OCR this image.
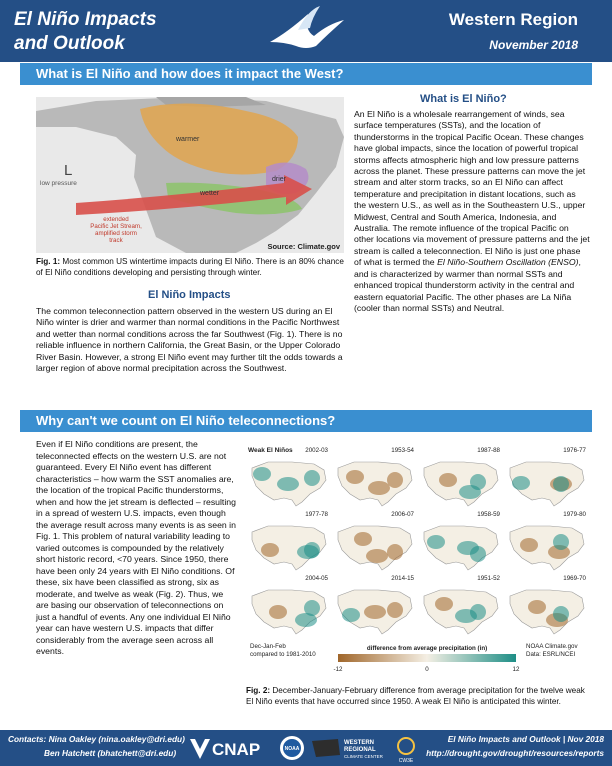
El Niño Impacts
and Outlook
Western Region
November 2018
What is El Niño and how does it impact the West?
L
low pressure
warmer
drier
wetter
extended
Pacific Jet Stream,
amplified storm
track
Source: Climate.gov
Fig. 1: Most common US wintertime impacts during El Niño. There is an 80% chance of El Niño conditions developing and persisting through winter.
El Niño Impacts
The common teleconnection pattern observed in the western US during an El Niño winter is drier and warmer than normal conditions in the Pacific Northwest and wetter than normal conditions across the far Southwest (Fig. 1). There is no reliable influence in northern California, the Great Basin, or the Upper Colorado River Basin. However, a strong El Niño event may further tilt the odds towards a larger region of above normal precipitation across the Southwest.
What is El Niño?
An El Niño is a wholesale rearrangement of winds, sea surface temperatures (SSTs), and the location of thunderstorms in the tropical Pacific Ocean. These changes have global impacts, since the location of powerful tropical storms affects atmospheric high and low pressure patterns across the planet. These pressure patterns can move the jet stream and alter storm tracks, so an El Niño can affect temperature and precipitation in distant locations, such as the western U.S., as well as in the Southeastern U.S., upper Midwest, Central and South America, Indonesia, and Australia. The remote influence of the tropical Pacific on other locations via movement of pressure patterns and the jet stream is called a teleconnection. El Niño is just one phase of what is termed the El Niño-Southern Oscillation (ENSO), and is characterized by warmer than normal SSTs and enhanced tropical thunderstorm activity in the central and eastern equatorial Pacific. The other phases are La Niña (cooler than normal SSTs) and Neutral.
Why can't we count on El Niño teleconnections?
Even if El Niño conditions are present, the teleconnected effects on the western U.S. are not guaranteed. Every El Niño event has different characteristics – how warm the SST anomalies are, the location of the tropical Pacific thunderstorms, when and how the jet stream is deflected – resulting in a spread of western U.S. impacts, even though the average result across many events is as seen in Fig. 1. This problem of natural variability leading to varied outcomes is compounded by the relatively short historic record, <70 years. Since 1950, there have been only 24 years with El Niño conditions. Of these, six have been classified as strong, six as moderate, and twelve as weak (Fig. 2). Thus, we are basing our observation of teleconnections on just a handful of events. Any one individual El Niño year can have western U.S. impacts that differ considerably from the average seen across all events.
2002-03	1953-54	1987-88	1976-77
1977-78	2006-07	1958-59	1979-80
2004-05	2014-15	1951-52	1969-70
Weak El Niños
Dec-Jan-Feb
compared to 1981-2010
difference from average precipitation (in)
-12	0	12
NOAA Climate.gov
Data: ESRL/NCEI
Fig. 2: December-January-February difference from average precipitation for the twelve weak El Niño events that have occurred since 1950. A weak El Niño is anticipated this winter.
Contacts: Nina Oakley (nina.oakley@dri.edu)
Ben Hatchett (bhatchett@dri.edu) CNAP	NOAA
WESTERN
REGIONAL
CLIMATE CENTER
CW3E
El Niño Impacts and Outlook | Nov 2018
http://drought.gov/drought/resources/reports
